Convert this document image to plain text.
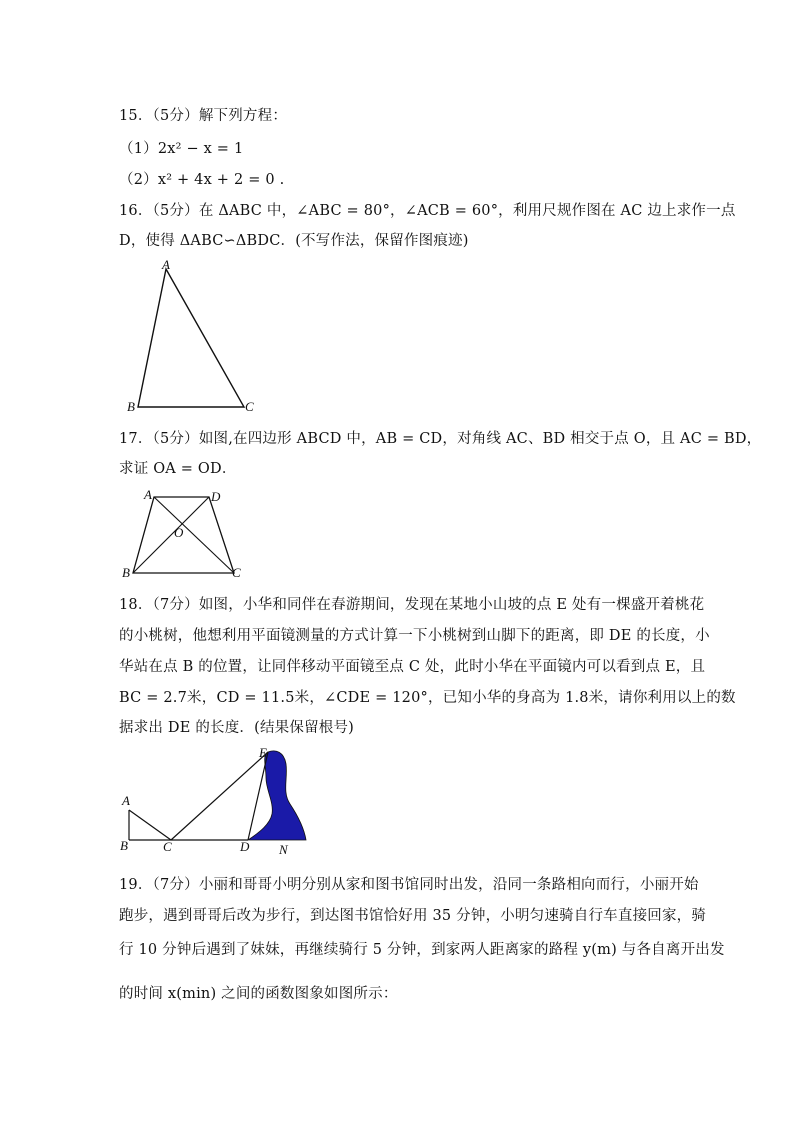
15．（5分）解下列方程：
（1）2x² − x = 1
（2）x² + 4x + 2 = 0 .
16．（5分）在 ΔABC 中，∠ABC = 80°，∠ACB = 60°，利用尺规作图在 AC 边上求作一点
D，使得 ΔABC∽ΔBDC．(不写作法，保留作图痕迹)
A
B	C
17．（5分）如图,在四边形 ABCD 中，AB = CD，对角线 AC、BD 相交于点 O，且 AC = BD，
求证 OA = OD．
A	D
O
B	C
18．（7分）如图，小华和同伴在春游期间，发现在某地小山坡的点 E 处有一棵盛开着桃花
的小桃树，他想利用平面镜测量的方式计算一下小桃树到山脚下的距离，即 DE 的长度，小
华站在点 B 的位置，让同伴移动平面镜至点 C 处，此时小华在平面镜内可以看到点 E，且
BC = 2.7米，CD = 11.5米，∠CDE = 120°，已知小华的身高为 1.8米，请你利用以上的数
据求出 DE 的长度．(结果保留根号)
E
A
B	C	D N
19．（7分）小丽和哥哥小明分别从家和图书馆同时出发，沿同一条路相向而行，小丽开始
跑步，遇到哥哥后改为步行，到达图书馆恰好用 35 分钟，小明匀速骑自行车直接回家，骑
行 10 分钟后遇到了妹妹，再继续骑行 5 分钟，到家两人距离家的路程 y(m) 与各自离开出发
的时间 x(min) 之间的函数图象如图所示：
